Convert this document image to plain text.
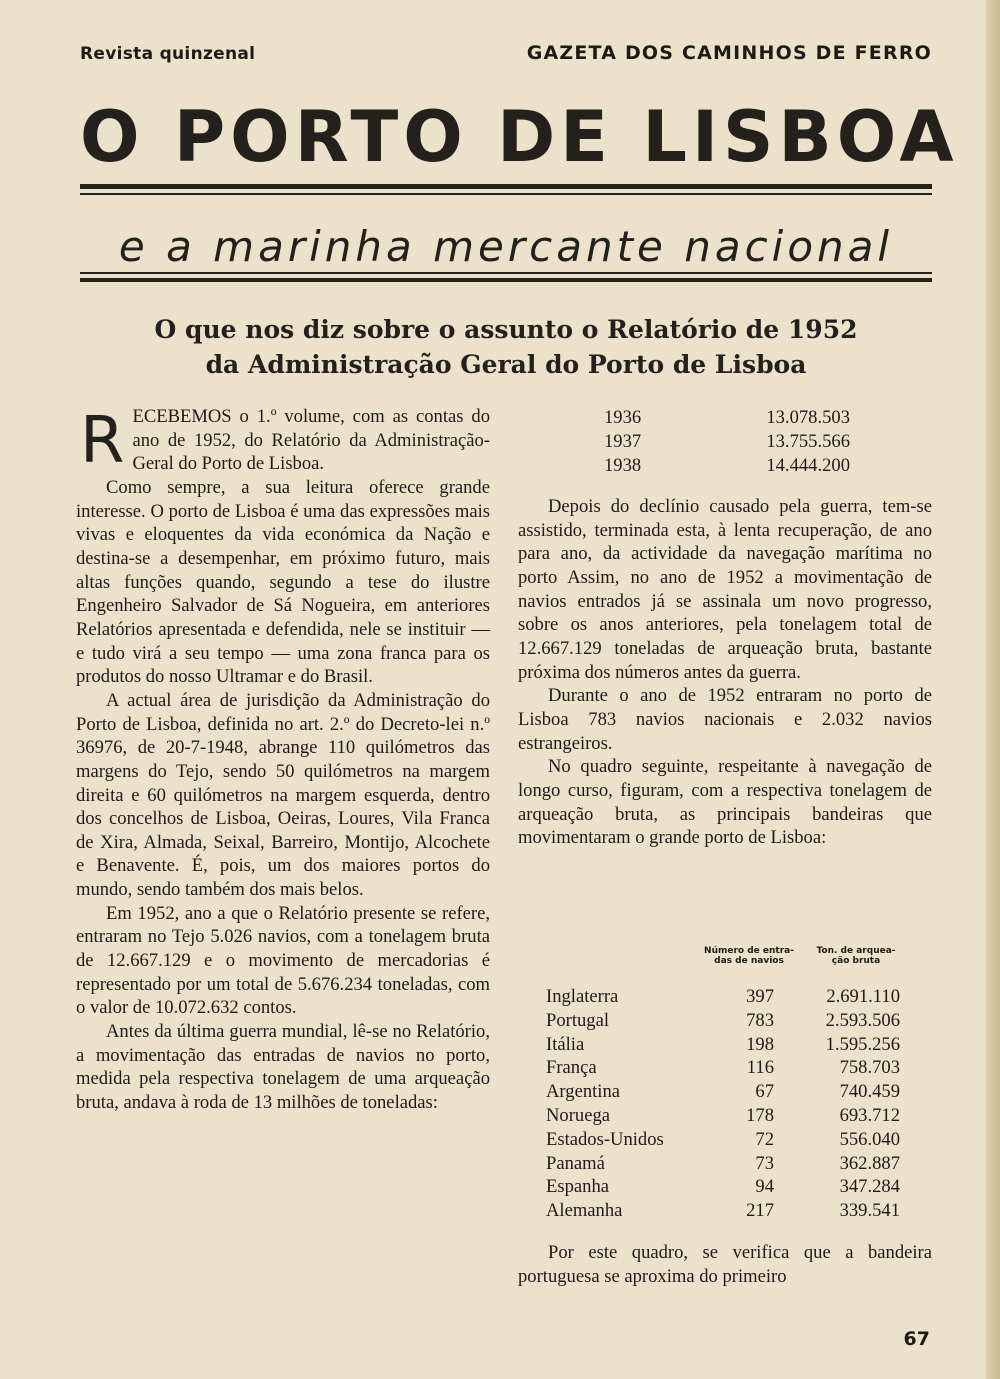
Revista quinzenal	GAZETA DOS CAMINHOS DE FERRO
O PORTO DE LISBOA
e a marinha mercante nacional
O que nos diz sobre o assunto o Relatório de 1952
da Administração Geral do Porto de Lisboa

RECEBEMOS o 1.º volume, com as contas do ano de 1952, do Relatório da Administração-Geral do Porto de Lisboa.

Como sempre, a sua leitura oferece grande interesse. O porto de Lisboa é uma das expressões mais vivas e eloquentes da vida económica da Nação e destina-se a desempenhar, em próximo futuro, mais altas funções quando, segundo a tese do ilustre Engenheiro Salvador de Sá Nogueira, em anteriores Relatórios apresentada e defendida, nele se instituir — e tudo virá a seu tempo — uma zona franca para os produtos do nosso Ultramar e do Brasil.

A actual área de jurisdição da Administração do Porto de Lisboa, definida no art. 2.º do Decreto-lei n.º 36976, de 20-7-1948, abrange 110 quilómetros das margens do Tejo, sendo 50 quilómetros na margem direita e 60 quilómetros na margem esquerda, dentro dos concelhos de Lisboa, Oeiras, Loures, Vila Franca de Xira, Almada, Seixal, Barreiro, Montijo, Alcochete e Benavente. É, pois, um dos maiores portos do mundo, sendo também dos mais belos.

Em 1952, ano a que o Relatório presente se refere, entraram no Tejo 5.026 navios, com a tonelagem bruta de 12.667.129 e o movimento de mercadorias é representado por um total de 5.676.234 toneladas, com o valor de 10.072.632 contos.

Antes da última guerra mundial, lê-se no Relatório, a movimentação das entradas de navios no porto, medida pela respectiva tonelagem de uma arqueação bruta, andava à roda de 13 milhões de toneladas:

1936	13.078.503
1937	13.755.566
1938	14.444.200

Depois do declínio causado pela guerra, tem-se assistido, terminada esta, à lenta recuperação, de ano para ano, da actividade da navegação marítima no porto Assim, no ano de 1952 a movimentação de navios entrados já se assinala um novo progresso, sobre os anos anteriores, pela tonelagem total de 12.667.129 toneladas de arqueação bruta, bastante próxima dos números antes da guerra.

Durante o ano de 1952 entraram no porto de Lisboa 783 navios nacionais e 2.032 navios estrangeiros.

No quadro seguinte, respeitante à navegação de longo curso, figuram, com a respectiva tonelagem de arqueação bruta, as principais bandeiras que movimentaram o grande porto de Lisboa:

Número de entra-
das de navios
Ton. de arquea-
ção bruta
Inglaterra	397	2.691.110
Portugal	783	2.593.506
Itália	198	1.595.256
França	116	758.703
Argentina	67	740.459
Noruega	178	693.712
Estados-Unidos	72	556.040
Panamá	73	362.887
Espanha	94	347.284
Alemanha	217	339.541

Por este quadro, se verifica que a bandeira portuguesa se aproxima do primeiro

67
